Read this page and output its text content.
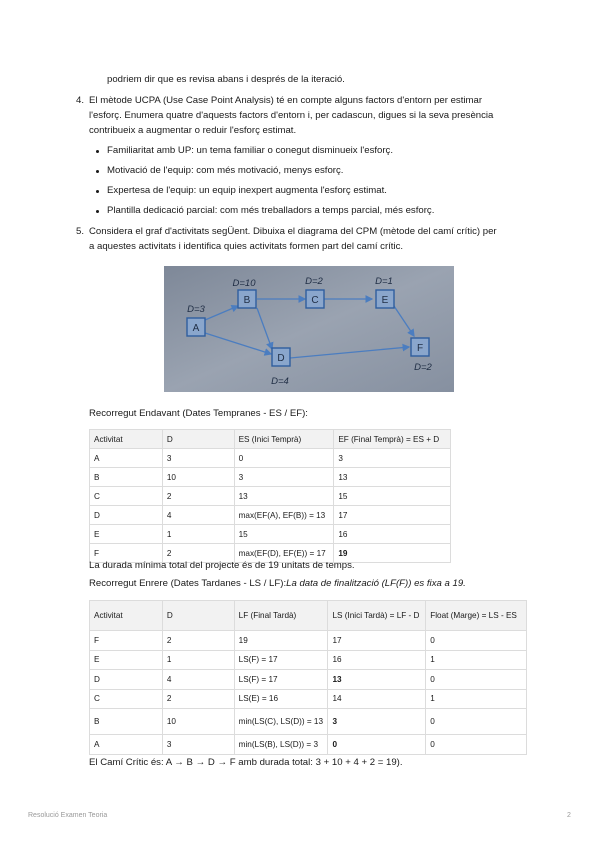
podriem dir que es revisa abans i després de la iteració.
4. El mètode UCPA (Use Case Point Analysis) té en compte alguns factors d'entorn per estimar
l'esforç. Enumera quatre d'aquests factors d'entorn i, per cadascun, digues si la seva presència
contribueix a augmentar o reduir l'esforç estimat.
Familiaritat amb UP: un tema familiar o conegut disminueix l'esforç.
Motivació de l'equip: com més motivació, menys esforç.
Expertesa de l'equip: un equip inexpert augmenta l'esforç estimat.
Plantilla dedicació parcial: com més treballadors a temps parcial, més esforç.
5. Considera el graf d'activitats segÜent. Dibuixa el diagrama del CPM (mètode del camí crític) per
a aquestes activitats i identifica quies activitats formen part del camí crític.
A
B	C
D
E
F
D=3
D=10	D=2
D=4
D=1
D=2
Recorregut Endavant (Dates Tempranes - ES / EF):
Activitat	D	ES (Inici Temprà)	EF (Final Temprà) = ES + D
A	3	0	3
B	10	3	13
C	2	13	15
D	4	max(EF(A), EF(B)) = 13	17
E	1	15	16
F	2	max(EF(D), EF(E)) = 17	19
La durada mínima total del projecte és de 19 unitats de temps.
Recorregut Enrere (Dates Tardanes - LS / LF):La data de finalització (LF(F)) es fixa a 19.
Activitat	D	LF (Final Tardà)	LS (Inici Tardà) = LF - D	Float (Marge) = LS - ES
F	2	19	17	0
E	1	LS(F) = 17	16	1
D	4	LS(F) = 17	13	0
C	2	LS(E) = 16	14	1
B	10	min(LS(C), LS(D)) = 13	3	0
A	3	min(LS(B), LS(D)) = 3	0	0
El Camí Crític és: A → B → D → F amb durada total: 3 + 10 + 4 + 2 = 19).
Resolució Examen Teoria	2
